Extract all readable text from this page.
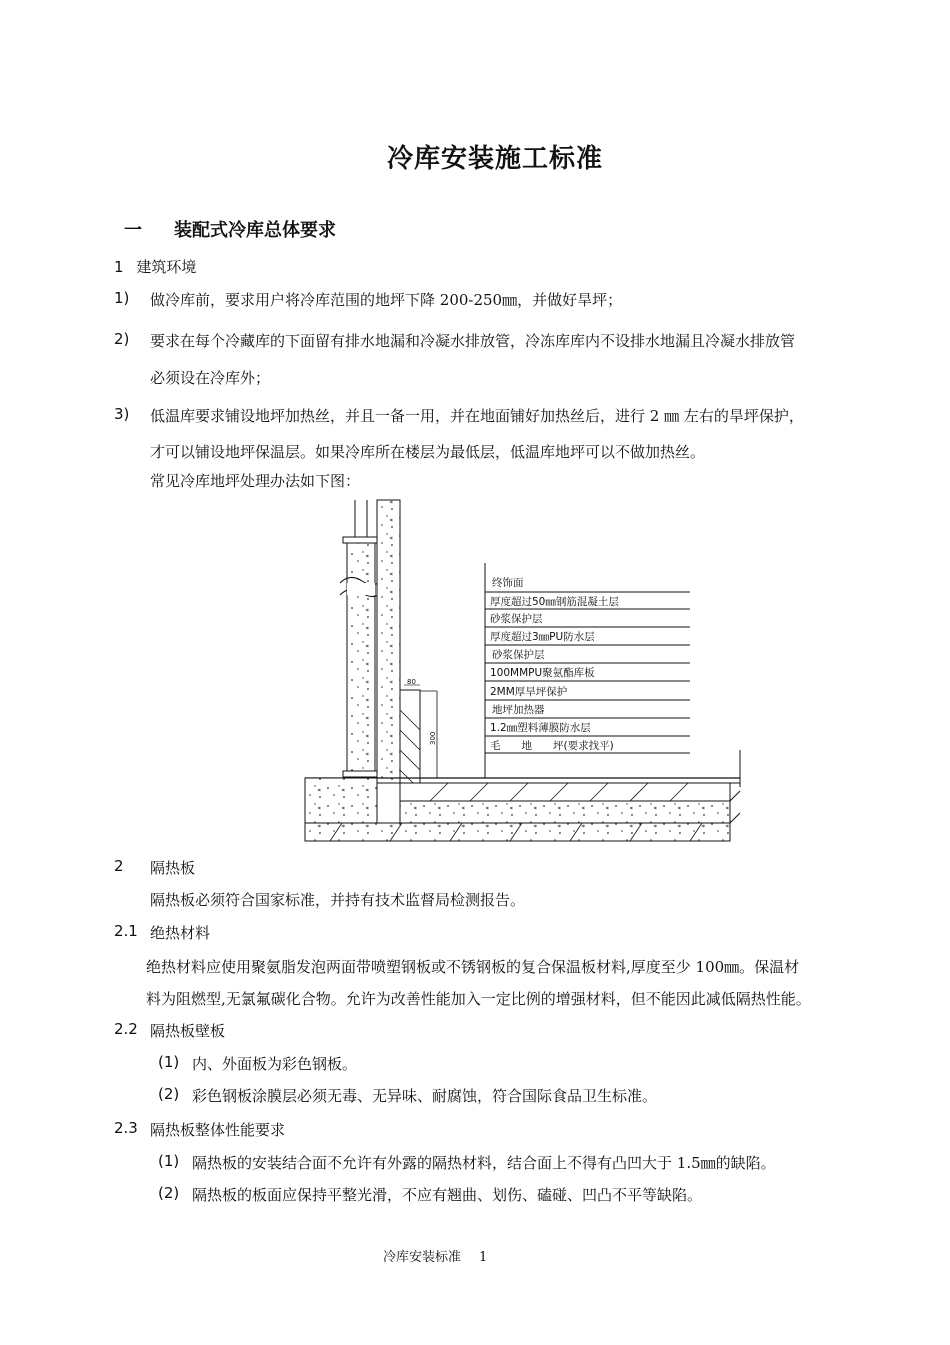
冷库安装施工标准
一 装配式冷库总体要求
1 建筑环境
1) 做冷库前，要求用户将冷库范围的地坪下降 200-250㎜，并做好旱坪；
2) 要求在每个冷藏库的下面留有排水地漏和冷凝水排放管，冷冻库库内不设排水地漏且冷凝水排放管
必须设在冷库外；
3) 低温库要求铺设地坪加热丝，并且一备一用，并在地面铺好加热丝后，进行 2 ㎜ 左右的旱坪保护，
才可以铺设地坪保温层。如果冷库所在楼层为最低层，低温库地坪可以不做加热丝。
常见冷库地坪处理办法如下图：
80
300
终饰面
厚度超过50㎜钢筋混凝土层
砂浆保护层
厚度超过3㎜PU防水层
砂浆保护层
100MMPU聚氨酯库板
2MM厚旱坪保护
地坪加热器
1.2㎜塑料薄膜防水层
毛　　地　　坪(要求找平)
2 隔热板
隔热板必须符合国家标准，并持有技术监督局检测报告。
2.1 绝热材料
绝热材料应使用聚氨脂发泡两面带喷塑钢板或不锈钢板的复合保温板材料,厚度至少 100㎜。保温材
料为阻燃型,无氯氟碳化合物。允许为改善性能加入一定比例的增强材料，但不能因此减低隔热性能。
2.2 隔热板壁板
(1) 内、外面板为彩色钢板。
(2) 彩色钢板涂膜层必须无毒、无异味、耐腐蚀，符合国际食品卫生标准。
2.3 隔热板整体性能要求
(1) 隔热板的安装结合面不允许有外露的隔热材料，结合面上不得有凸凹大于 1.5㎜的缺陷。
(2) 隔热板的板面应保持平整光滑，不应有翘曲、划伤、磕碰、凹凸不平等缺陷。
冷库安装标准 1
